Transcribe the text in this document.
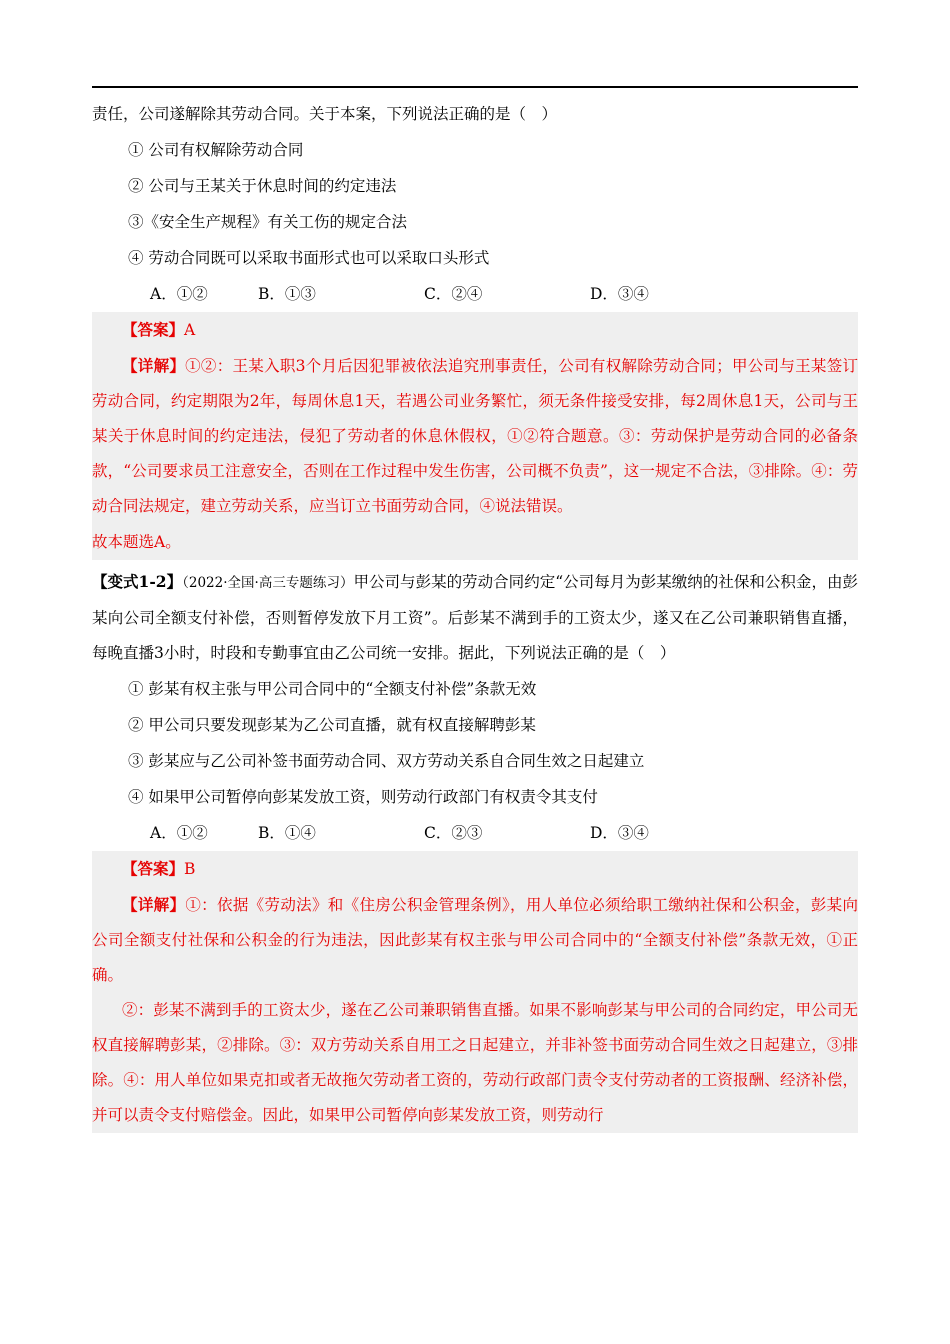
责任，公司遂解除其劳动合同。关于本案，下列说法正确的是（　）
① 公司有权解除劳动合同
② 公司与王某关于休息时间的约定违法
③《安全生产规程》有关工伤的规定合法
④ 劳动合同既可以采取书面形式也可以采取口头形式
A．①②	B．①③	C．②④	D．③④
【答案】A
【详解】①②：王某入职3个月后因犯罪被依法追究刑事责任，公司有权解除劳动合同；甲公司与王某签订劳动合同，约定期限为2年，每周休息1天，若遇公司业务繁忙，须无条件接受安排，每2周休息1天，公司与王某关于休息时间的约定违法，侵犯了劳动者的休息休假权，①②符合题意。③：劳动保护是劳动合同的必备条款，“公司要求员工注意安全，否则在工作过程中发生伤害，公司概不负责”，这一规定不合法，③排除。④：劳动合同法规定，建立劳动关系，应当订立书面劳动合同，④说法错误。
故本题选A。
【变式1-2】（2022·全国·高三专题练习）甲公司与彭某的劳动合同约定“公司每月为彭某缴纳的社保和公积金，由彭某向公司全额支付补偿，否则暂停发放下月工资”。后彭某不满到手的工资太少，遂又在乙公司兼职销售直播，每晚直播3小时，时段和专勤事宜由乙公司统一安排。据此，下列说法正确的是（　）
① 彭某有权主张与甲公司合同中的“全额支付补偿”条款无效
② 甲公司只要发现彭某为乙公司直播，就有权直接解聘彭某
③ 彭某应与乙公司补签书面劳动合同、双方劳动关系自合同生效之日起建立
④ 如果甲公司暂停向彭某发放工资，则劳动行政部门有权责令其支付
A．①②	B．①④	C．②③	D．③④
【答案】B
【详解】①：依据《劳动法》和《住房公积金管理条例》，用人单位必须给职工缴纳社保和公积金，彭某向公司全额支付社保和公积金的行为违法，因此彭某有权主张与甲公司合同中的“全额支付补偿”条款无效，①正确。
②：彭某不满到手的工资太少，遂在乙公司兼职销售直播。如果不影响彭某与甲公司的合同约定，甲公司无权直接解聘彭某，②排除。③：双方劳动关系自用工之日起建立，并非补签书面劳动合同生效之日起建立，③排除。④：用人单位如果克扣或者无故拖欠劳动者工资的，劳动行政部门责令支付劳动者的工资报酬、经济补偿，并可以责令支付赔偿金。因此，如果甲公司暂停向彭某发放工资，则劳动行
